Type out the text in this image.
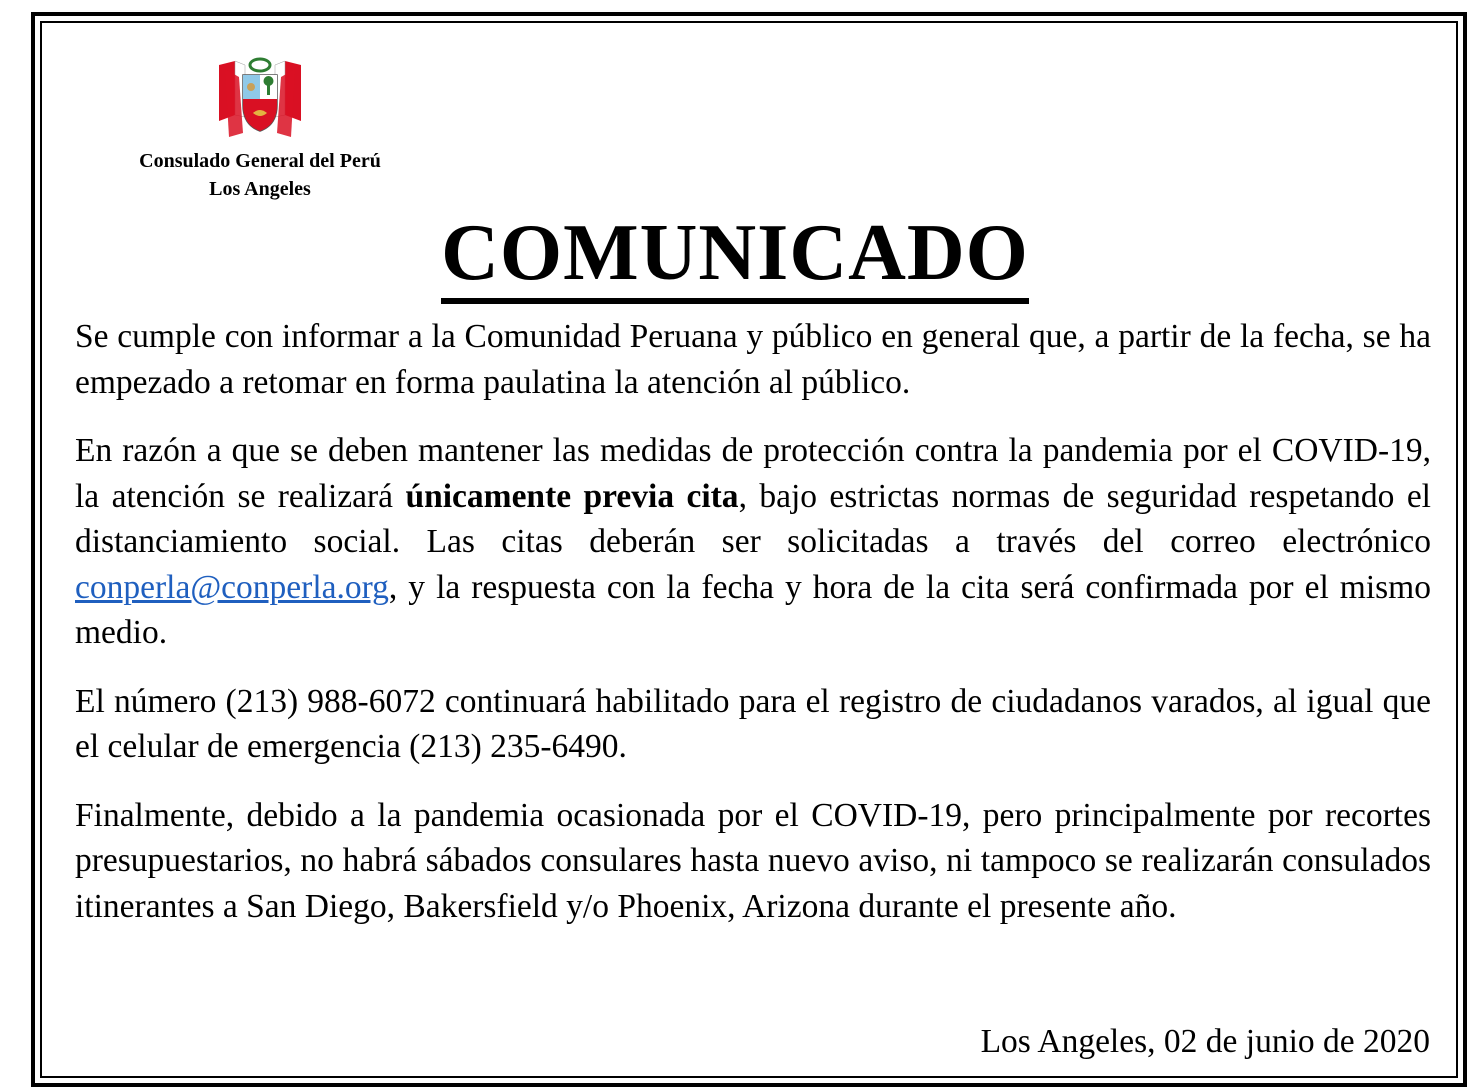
Consulado General del Perú
Los Angeles
COMUNICADO

Se cumple con informar a la Comunidad Peruana y público en general que, a partir de la fecha, se ha empezado a retomar en forma paulatina la atención al público.

En razón a que se deben mantener las medidas de protección contra la pandemia por el COVID-19, la atención se realizará únicamente previa cita, bajo estrictas normas de seguridad respetando el distanciamiento social. Las citas deberán ser solicitadas a través del correo electrónico conperla@conperla.org, y la respuesta con la fecha y hora de la cita será confirmada por el mismo medio.

El número (213) 988-6072 continuará habilitado para el registro de ciudadanos varados, al igual que el celular de emergencia (213) 235-6490.

Finalmente, debido a la pandemia ocasionada por el COVID-19, pero principalmente por recortes presupuestarios, no habrá sábados consulares hasta nuevo aviso, ni tampoco se realizarán consulados itinerantes a San Diego, Bakersfield y/o Phoenix, Arizona durante el presente año.

Los Angeles, 02 de junio de 2020
